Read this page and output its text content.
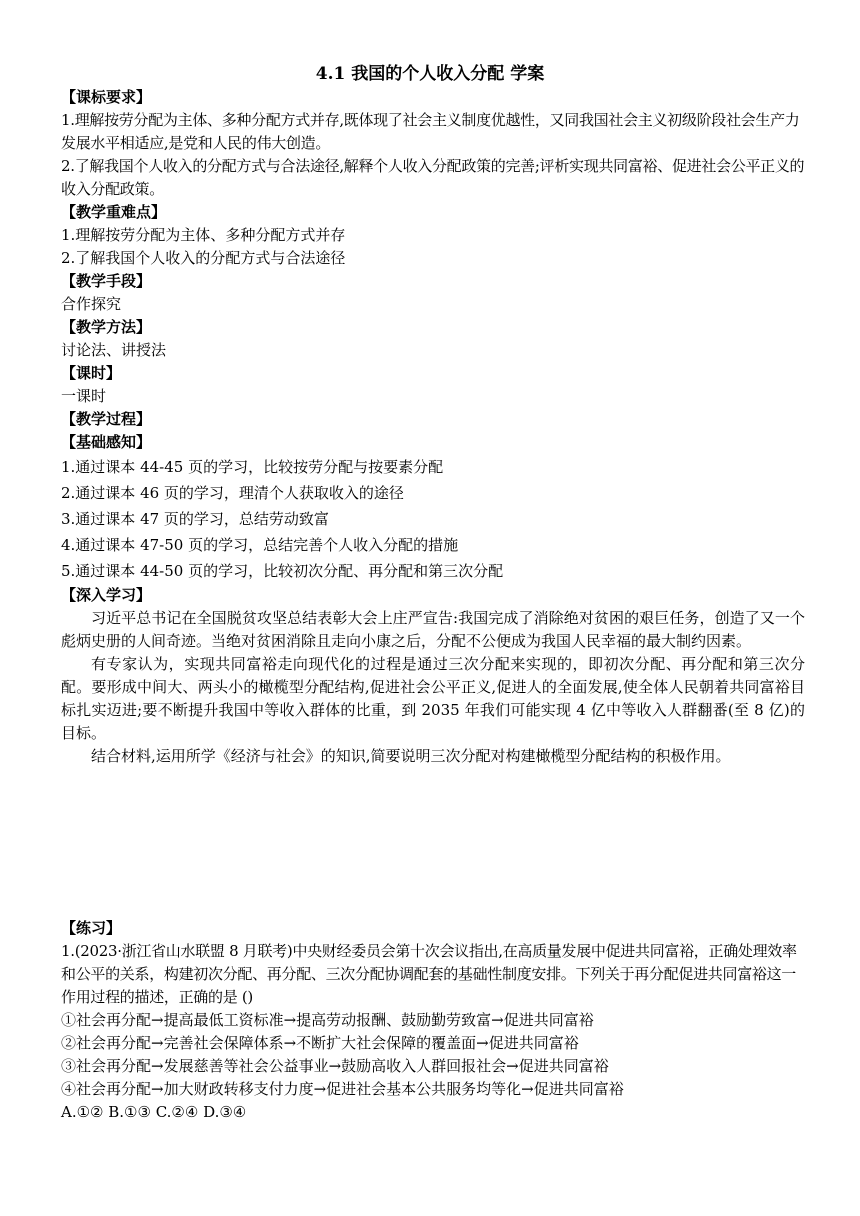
4.1 我国的个人收入分配 学案
【课标要求】
1.理解按劳分配为主体、多种分配方式并存,既体现了社会主义制度优越性，又同我国社会主义初级阶段社会生产力发展水平相适应,是党和人民的伟大创造。
2.了解我国个人收入的分配方式与合法途径,解释个人收入分配政策的完善;评析实现共同富裕、促进社会公平正义的收入分配政策。
【教学重难点】
1.理解按劳分配为主体、多种分配方式并存
2.了解我国个人收入的分配方式与合法途径
【教学手段】
合作探究
【教学方法】
讨论法、讲授法
【课时】
一课时
【教学过程】
【基础感知】
1.通过课本 44-45 页的学习，比较按劳分配与按要素分配
2.通过课本 46 页的学习，理清个人获取收入的途径
3.通过课本 47 页的学习，总结劳动致富
4.通过课本 47-50 页的学习，总结完善个人收入分配的措施
5.通过课本 44-50 页的学习，比较初次分配、再分配和第三次分配
【深入学习】

习近平总书记在全国脱贫攻坚总结表彰大会上庄严宣告:我国完成了消除绝对贫困的艰巨任务，创造了又一个彪炳史册的人间奇迹。当绝对贫困消除且走向小康之后，分配不公便成为我国人民幸福的最大制约因素。

有专家认为，实现共同富裕走向现代化的过程是通过三次分配来实现的，即初次分配、再分配和第三次分配。要形成中间大、两头小的橄榄型分配结构,促进社会公平正义,促进人的全面发展,使全体人民朝着共同富裕目标扎实迈进;要不断提升我国中等收入群体的比重，到 2035 年我们可能实现 4 亿中等收入人群翻番(至 8 亿)的目标。

结合材料,运用所学《经济与社会》的知识,简要说明三次分配对构建橄榄型分配结构的积极作用。

【练习】
1.(2023·浙江省山水联盟 8 月联考)中央财经委员会第十次会议指出,在高质量发展中促进共同富裕，正确处理效率和公平的关系，构建初次分配、再分配、三次分配协调配套的基础性制度安排。下列关于再分配促进共同富裕这一作用过程的描述，正确的是 ()
①社会再分配→提高最低工资标准→提高劳动报酬、鼓励勤劳致富→促进共同富裕
②社会再分配→完善社会保障体系→不断扩大社会保障的覆盖面→促进共同富裕
③社会再分配→发展慈善等社会公益事业→鼓励高收入人群回报社会→促进共同富裕
④社会再分配→加大财政转移支付力度→促进社会基本公共服务均等化→促进共同富裕
A.①② B.①③ C.②④ D.③④
